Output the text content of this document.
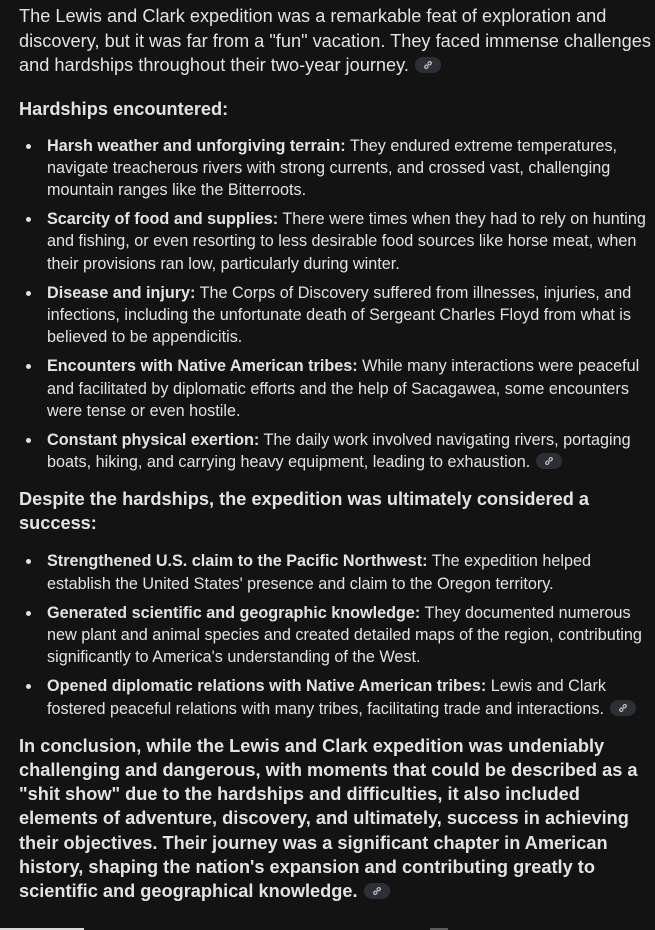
The Lewis and Clark expedition was a remarkable feat of exploration and discovery, but it was far from a "fun" vacation. They faced immense challenges and hardships throughout their two-year journey.

Hardships encountered:
Harsh weather and unforgiving terrain: They endured extreme temperatures, navigate treacherous rivers with strong currents, and crossed vast, challenging mountain ranges like the Bitterroots.
Scarcity of food and supplies: There were times when they had to rely on hunting and fishing, or even resorting to less desirable food sources like horse meat, when their provisions ran low, particularly during winter.
Disease and injury: The Corps of Discovery suffered from illnesses, injuries, and infections, including the unfortunate death of Sergeant Charles Floyd from what is believed to be appendicitis.
Encounters with Native American tribes: While many interactions were peaceful and facilitated by diplomatic efforts and the help of Sacagawea, some encounters were tense or even hostile.
Constant physical exertion: The daily work involved navigating rivers, portaging boats, hiking, and carrying heavy equipment, leading to exhaustion.
Despite the hardships, the expedition was ultimately considered a success:
Strengthened U.S. claim to the Pacific Northwest: The expedition helped establish the United States' presence and claim to the Oregon territory.
Generated scientific and geographic knowledge: They documented numerous new plant and animal species and created detailed maps of the region, contributing significantly to America's understanding of the West.
Opened diplomatic relations with Native American tribes: Lewis and Clark fostered peaceful relations with many tribes, facilitating trade and interactions.

In conclusion, while the Lewis and Clark expedition was undeniably challenging and dangerous, with moments that could be described as a "shit show" due to the hardships and difficulties, it also included elements of adventure, discovery, and ultimately, success in achieving their objectives. Their journey was a significant chapter in American history, shaping the nation's expansion and contributing greatly to scientific and geographical knowledge.
